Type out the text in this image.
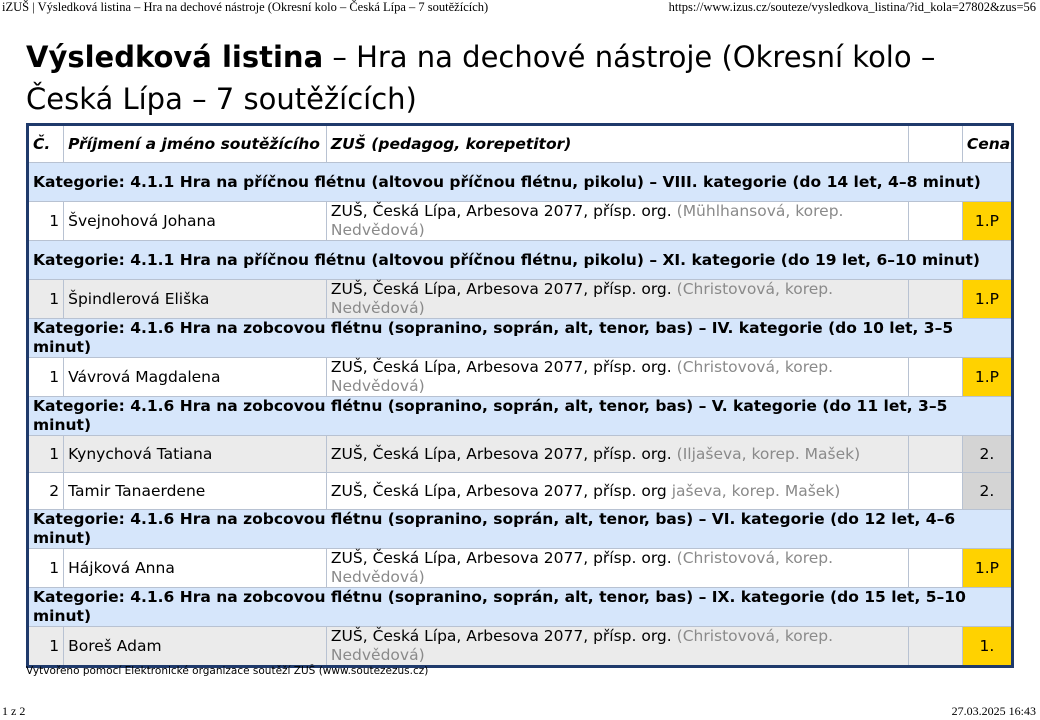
iZUŠ | Výsledková listina – Hra na dechové nástroje (Okresní kolo – Česká Lípa – 7 soutěžících)	https://www.izus.cz/souteze/vysledkova_listina/?id_kola=27802&zus=56
Výsledková listina – Hra na dechové nástroje (Okresní kolo – Česká Lípa – 7 soutěžících)
Č.	Příjmení a jméno soutěžícího	ZUŠ (pedagog, korepetitor)		Cena
Kategorie: 4.1.1 Hra na příčnou flétnu (altovou příčnou flétnu, pikolu) – VIII. kategorie (do 14 let, 4–8 minut)				
1	Švejnohová Johana	ZUŠ, Česká Lípa, Arbesova 2077, přísp. org. (Mühlhansová, korep. Nedvědová)		1.P
Kategorie: 4.1.1 Hra na příčnou flétnu (altovou příčnou flétnu, pikolu) – XI. kategorie (do 19 let, 6–10 minut)				
1	Špindlerová Eliška	ZUŠ, Česká Lípa, Arbesova 2077, přísp. org. (Christovová, korep. Nedvědová)		1.P
Kategorie: 4.1.6 Hra na zobcovou flétnu (sopranino, soprán, alt, tenor, bas) – IV. kategorie (do 10 let, 3–5 minut)				
1	Vávrová Magdalena	ZUŠ, Česká Lípa, Arbesova 2077, přísp. org. (Christovová, korep. Nedvědová)		1.P
Kategorie: 4.1.6 Hra na zobcovou flétnu (sopranino, soprán, alt, tenor, bas) – V. kategorie (do 11 let, 3–5 minut)				
1	Kynychová Tatiana	ZUŠ, Česká Lípa, Arbesova 2077, přísp. org. (Iljaševa, korep. Mašek)		2.
2	Tamir Tanaerdene	ZUŠ, Česká Lípa, Arbesova 2077, přísp. org jaševa, korep. Mašek)		2.
Kategorie: 4.1.6 Hra na zobcovou flétnu (sopranino, soprán, alt, tenor, bas) – VI. kategorie (do 12 let, 4–6 minut)				
1	Hájková Anna	ZUŠ, Česká Lípa, Arbesova 2077, přísp. org. (Christovová, korep. Nedvědová)		1.P
Kategorie: 4.1.6 Hra na zobcovou flétnu (sopranino, soprán, alt, tenor, bas) – IX. kategorie (do 15 let, 5–10 minut)				
1	Boreš Adam	ZUŠ, Česká Lípa, Arbesova 2077, přísp. org. (Christovová, korep. Nedvědová)		1.
Vytvořeno pomocí Elektronické organizace soutěží ZUŠ (www.soutezezus.cz)
1 z 2	27.03.2025 16:43
